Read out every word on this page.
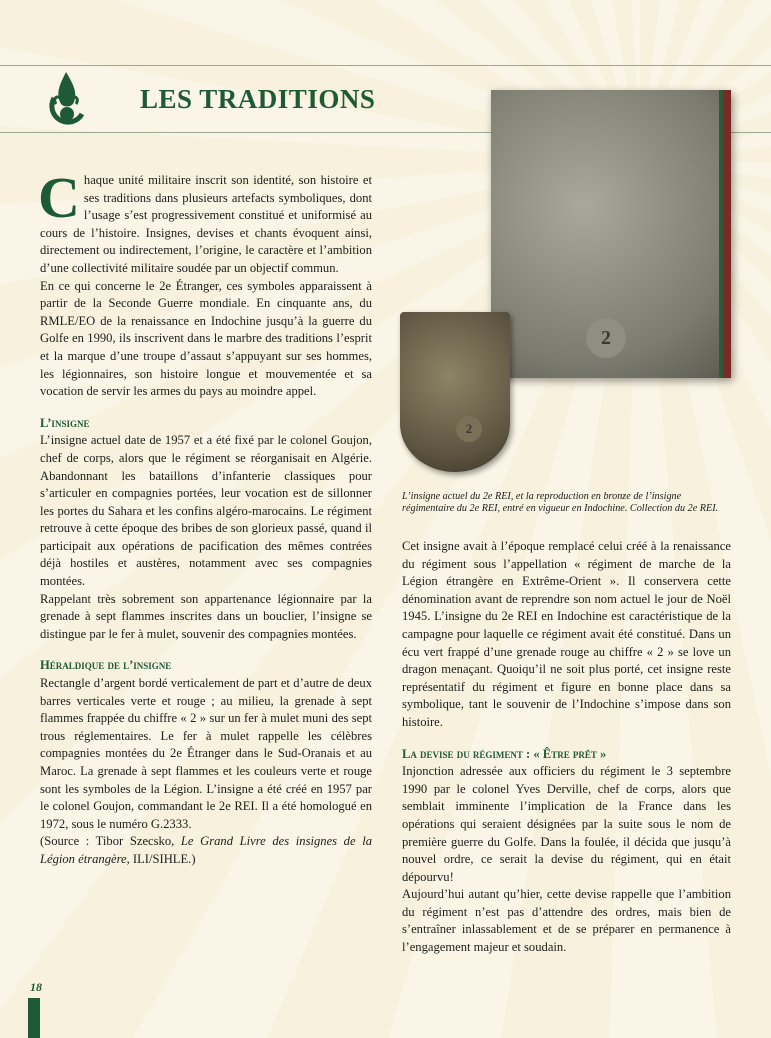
LES TRADITIONS

Chaque unité militaire inscrit son identité, son histoire et ses traditions dans plusieurs artefacts symboliques, dont l’usage s’est progressivement constitué et uniformisé au cours de l’histoire. Insignes, devises et chants évoquent ainsi, directement ou indirectement, l’origine, le caractère et l’ambition d’une collectivité militaire soudée par un objectif commun.

En ce qui concerne le 2e Étranger, ces symboles apparaissent à partir de la Seconde Guerre mondiale. En cinquante ans, du RMLE/EO de la renaissance en Indochine jusqu’à la guerre du Golfe en 1990, ils inscrivent dans le marbre des traditions l’esprit et la marque d’une troupe d’assaut s’appuyant sur ses hommes, les légionnaires, son histoire longue et mouvementée et sa vocation de servir les armes du pays au moindre appel.

L’insigne

L’insigne actuel date de 1957 et a été fixé par le colonel Goujon, chef de corps, alors que le régiment se réorganisait en Algérie. Abandonnant les bataillons d’infanterie classiques pour s’articuler en compagnies portées, leur vocation est de sillonner les portes du Sahara et les confins algéro-marocains. Le régiment retrouve à cette époque des bribes de son glorieux passé, quand il participait aux opérations de pacification des mêmes contrées déjà hostiles et austères, notamment avec ses compagnies montées.

Rappelant très sobrement son appartenance légionnaire par la grenade à sept flammes inscrites dans un bouclier, l’insigne se distingue par le fer à mulet, souvenir des compagnies montées.

Héraldique de l’insigne

Rectangle d’argent bordé verticalement de part et d’autre de deux barres verticales verte et rouge ; au milieu, la grenade à sept flammes frappée du chiffre « 2 » sur un fer à mulet muni des sept trous réglementaires. Le fer à mulet rappelle les célèbres compagnies montées du 2e Étranger dans le Sud-Oranais et au Maroc. La grenade à sept flammes et les couleurs verte et rouge sont les symboles de la Légion. L’insigne a été créé en 1957 par le colonel Goujon, commandant le 2e REI. Il a été homologué en 1972, sous le numéro G.2333.

(Source : Tibor Szecsko, Le Grand Livre des insignes de la Légion étrangère, ILI/SIHLE.)

2
2
L’insigne actuel du 2e REI, et la reproduction en bronze de l’insigne régimentaire du 2e REI, entré en vigueur en Indochine. Collection du 2e REI.

Cet insigne avait à l’époque remplacé celui créé à la renaissance du régiment sous l’appellation « régiment de marche de la Légion étrangère en Extrême-Orient ». Il conservera cette dénomination avant de reprendre son nom actuel le jour de Noël 1945. L’insigne du 2e REI en Indochine est caractéristique de la campagne pour laquelle ce régiment avait été constitué. Dans un écu vert frappé d’une grenade rouge au chiffre « 2 » se love un dragon menaçant. Quoiqu’il ne soit plus porté, cet insigne reste représentatif du régiment et figure en bonne place dans sa symbolique, tant le souvenir de l’Indochine s’impose dans son histoire.

La devise du régiment : « Être prêt »

Injonction adressée aux officiers du régiment le 3 septembre 1990 par le colonel Yves Derville, chef de corps, alors que semblait imminente l’implication de la France dans les opérations qui seraient désignées par la suite sous le nom de première guerre du Golfe. Dans la foulée, il décida que jusqu’à nouvel ordre, ce serait la devise du régiment, qui en était dépourvu!

Aujourd’hui autant qu’hier, cette devise rappelle que l’ambition du régiment n’est pas d’attendre des ordres, mais bien de s’entraîner inlassablement et de se préparer en permanence à l’engagement majeur et soudain.

18
